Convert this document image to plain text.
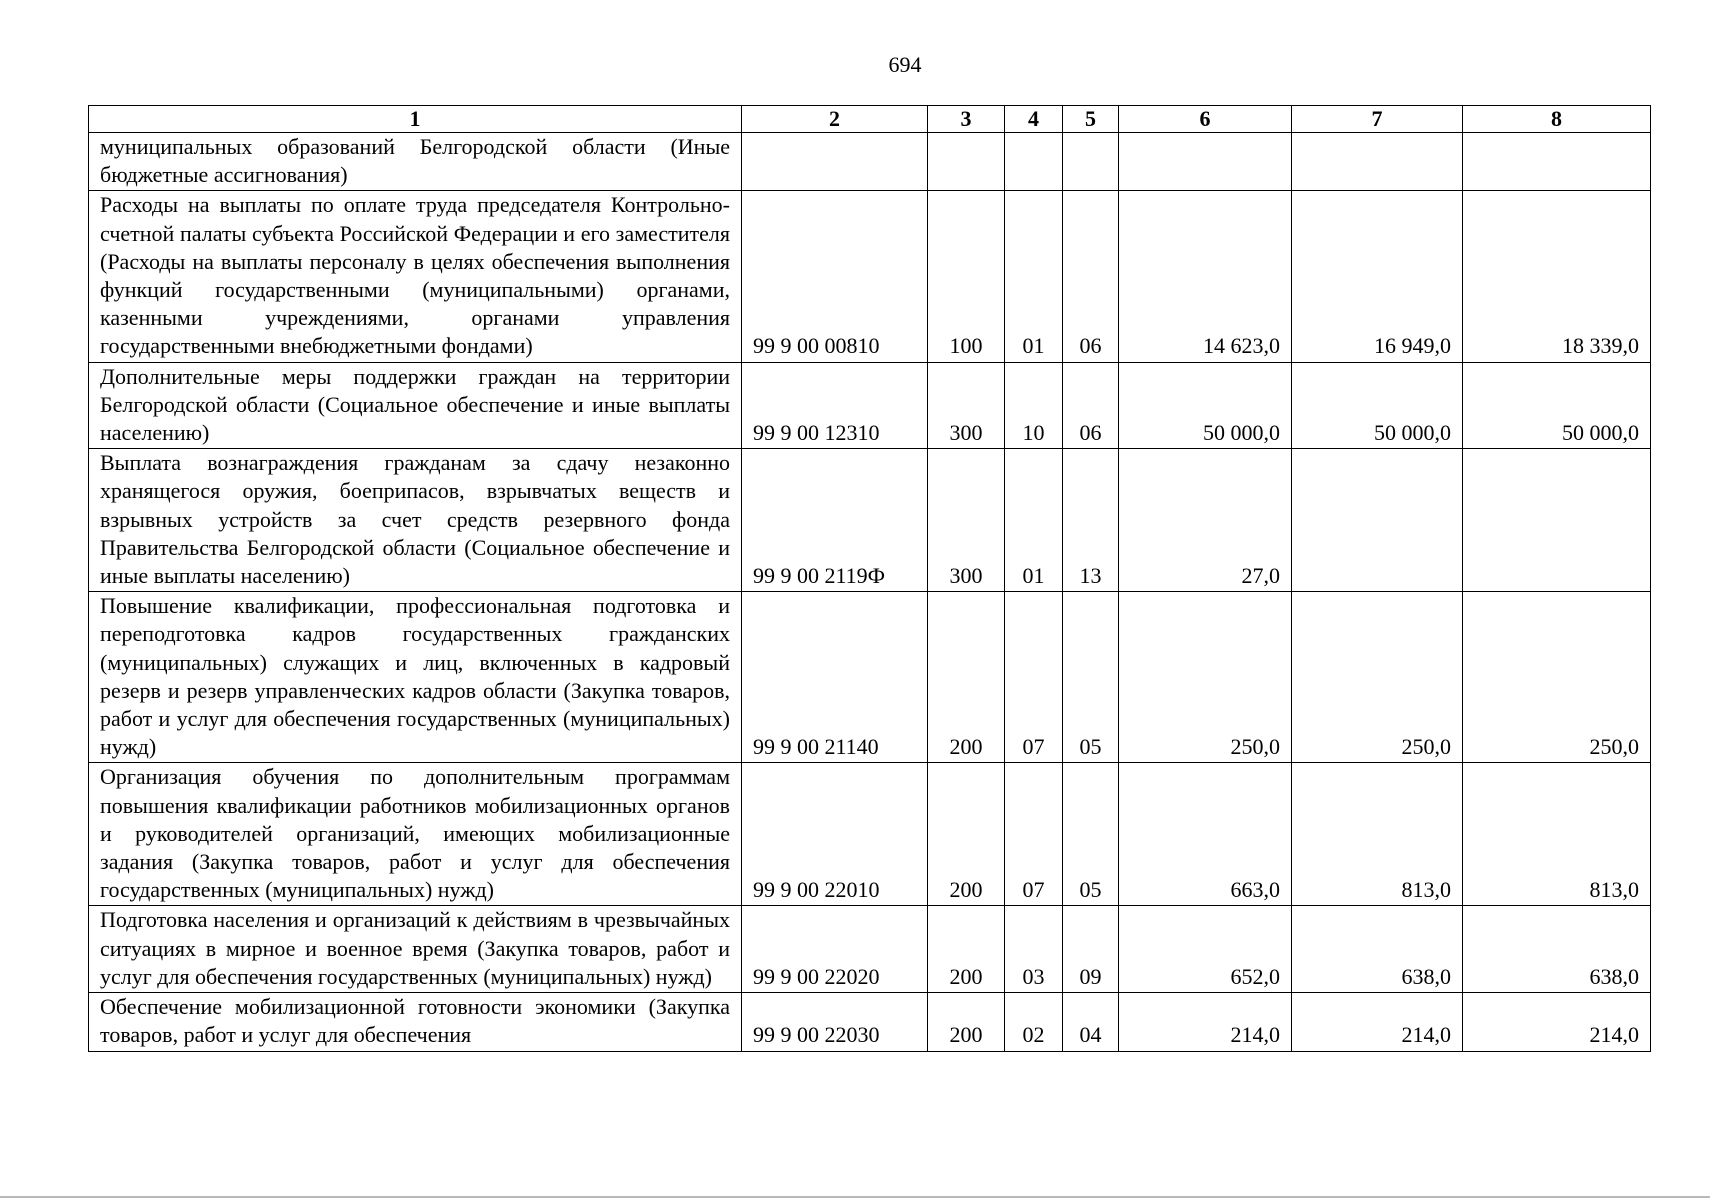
694
1	2	3	4	5	6	7	8
муниципальных образований Белгородской области (Иные бюджетные ассигнования)							
Расходы на выплаты по оплате труда председателя Контрольно-счетной палаты субъекта Российской Федерации и его заместителя (Расходы на выплаты персоналу в целях обеспечения выполнения функций государственными (муниципальными) органами, казенными учреждениями, органами управления государственными внебюджетными фондами)	99 9 00 00810	100	01	06	14 623,0	16 949,0	18 339,0
Дополнительные меры поддержки граждан на территории Белгородской области (Социальное обеспечение и иные выплаты населению)	99 9 00 12310	300	10	06	50 000,0	50 000,0	50 000,0
Выплата вознаграждения гражданам за сдачу незаконно хранящегося оружия, боеприпасов, взрывчатых веществ и взрывных устройств за счет средств резервного фонда Правительства Белгородской области (Социальное обеспечение и иные выплаты населению)	99 9 00 2119Ф	300	01	13	27,0		
Повышение квалификации, профессиональная подготовка и переподготовка кадров государственных гражданских (муниципальных) служащих и лиц, включенных в кадровый резерв и резерв управленческих кадров области (Закупка товаров, работ и услуг для обеспечения государственных (муниципальных) нужд)	99 9 00 21140	200	07	05	250,0	250,0	250,0
Организация обучения по дополнительным программам повышения квалификации работников мобилизационных органов и руководителей организаций, имеющих мобилизационные задания (Закупка товаров, работ и услуг для обеспечения государственных (муниципальных) нужд)	99 9 00 22010	200	07	05	663,0	813,0	813,0
Подготовка населения и организаций к действиям в чрезвычайных ситуациях в мирное и военное время (Закупка товаров, работ и услуг для обеспечения государственных (муниципальных) нужд)	99 9 00 22020	200	03	09	652,0	638,0	638,0
Обеспечение мобилизационной готовности экономики (Закупка товаров, работ и услуг для обеспечения	99 9 00 22030	200	02	04	214,0	214,0	214,0
